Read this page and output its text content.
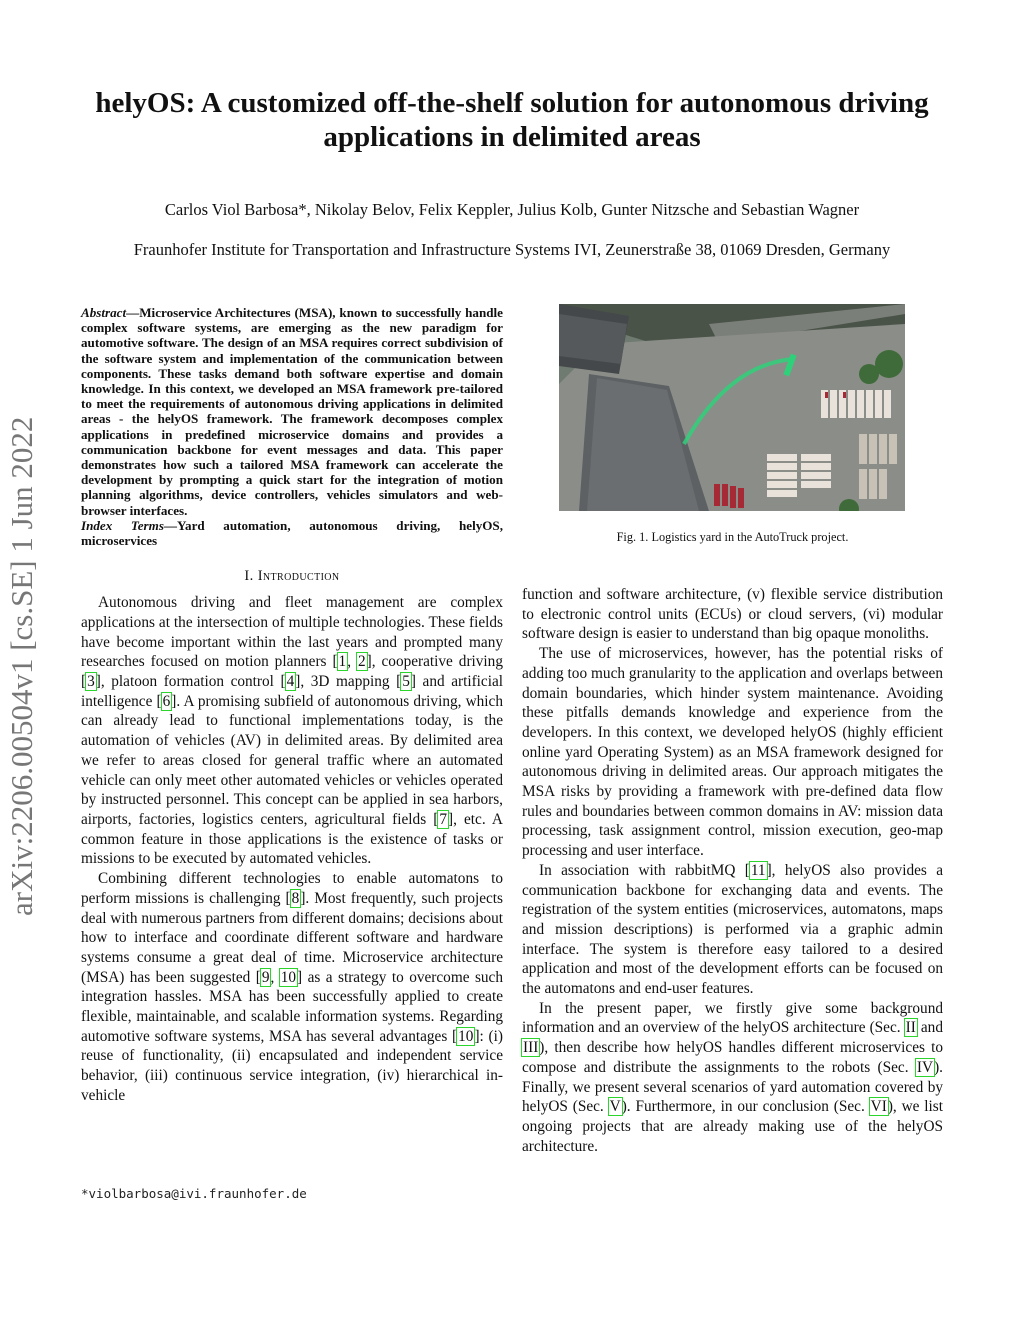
helyOS: A customized off-the-shelf solution for autonomous driving applications in delimited areas
Carlos Viol Barbosa*, Nikolay Belov, Felix Keppler, Julius Kolb, Gunter Nitzsche and Sebastian Wagner
Fraunhofer Institute for Transportation and Infrastructure Systems IVI, Zeunerstraße 38, 01069 Dresden, Germany
arXiv:2206.00504v1 [cs.SE] 1 Jun 2022
Abstract—Microservice Architectures (MSA), known to successfully handle complex software systems, are emerging as the new paradigm for automotive software. The design of an MSA requires correct subdivision of the software system and implementation of the communication between components. These tasks demand both software expertise and domain knowledge. In this context, we developed an MSA framework pre-tailored to meet the requirements of autonomous driving applications in delimited areas - the helyOS framework. The framework decomposes complex applications in predefined microservice domains and provides a communication backbone for event messages and data. This paper demonstrates how such a tailored MSA framework can accelerate the development by prompting a quick start for the integration of motion planning algorithms, device controllers, vehicles simulators and web-browser interfaces.
Index Terms—Yard automation, autonomous driving, helyOS, microservices
I. Introduction

Autonomous driving and fleet management are complex applications at the intersection of multiple technologies. These fields have become important within the last years and prompted many researches focused on motion planners [1, 2], cooperative driving [3], platoon formation control [4], 3D mapping [5] and artificial intelligence [6]. A promising subfield of autonomous driving, which can already lead to functional implementations today, is the automation of vehicles (AV) in delimited areas. By delimited area we refer to areas closed for general traffic where an automated vehicle can only meet other automated vehicles or vehicles operated by instructed personnel. This concept can be applied in sea harbors, airports, factories, logistics centers, agricultural fields [7], etc. A common feature in those applications is the existence of tasks or missions to be executed by automated vehicles.

Combining different technologies to enable automatons to perform missions is challenging [8]. Most frequently, such projects deal with numerous partners from different domains; decisions about how to interface and coordinate different software and hardware systems consume a great deal of time. Microservice architecture (MSA) has been suggested [9, 10] as a strategy to overcome such integration hassles. MSA has been successfully applied to create flexible, maintainable, and scalable information systems. Regarding automotive software systems, MSA has several advantages [10]: (i) reuse of functionality, (ii) encapsulated and independent service behavior, (iii) continuous service integration, (iv) hierarchical in-vehicle

*violbarbosa@ivi.fraunhofer.de
Fig. 1. Logistics yard in the AutoTruck project.

function and software architecture, (v) flexible service distribution to electronic control units (ECUs) or cloud servers, (vi) modular software design is easier to understand than big opaque monoliths.

The use of microservices, however, has the potential risks of adding too much granularity to the application and overlaps between domain boundaries, which hinder system maintenance. Avoiding these pitfalls demands knowledge and experience from the developers. In this context, we developed helyOS (highly efficient online yard Operating System) as an MSA framework designed for autonomous driving in delimited areas. Our approach mitigates the MSA risks by providing a framework with pre-defined data flow rules and boundaries between common domains in AV: mission data processing, task assignment control, mission execution, geo-map processing and user interface.

In association with rabbitMQ [11], helyOS also provides a communication backbone for exchanging data and events. The registration of the system entities (microservices, automatons, maps and mission descriptions) is performed via a graphic admin interface. The system is therefore easy tailored to a desired application and most of the development efforts can be focused on the automatons and end-user features.

In the present paper, we firstly give some background information and an overview of the helyOS architecture (Sec. II and III), then describe how helyOS handles different microservices to compose and distribute the assignments to the robots (Sec. IV). Finally, we present several scenarios of yard automation covered by helyOS (Sec. V). Furthermore, in our conclusion (Sec. VI), we list ongoing projects that are already making use of the helyOS architecture.
